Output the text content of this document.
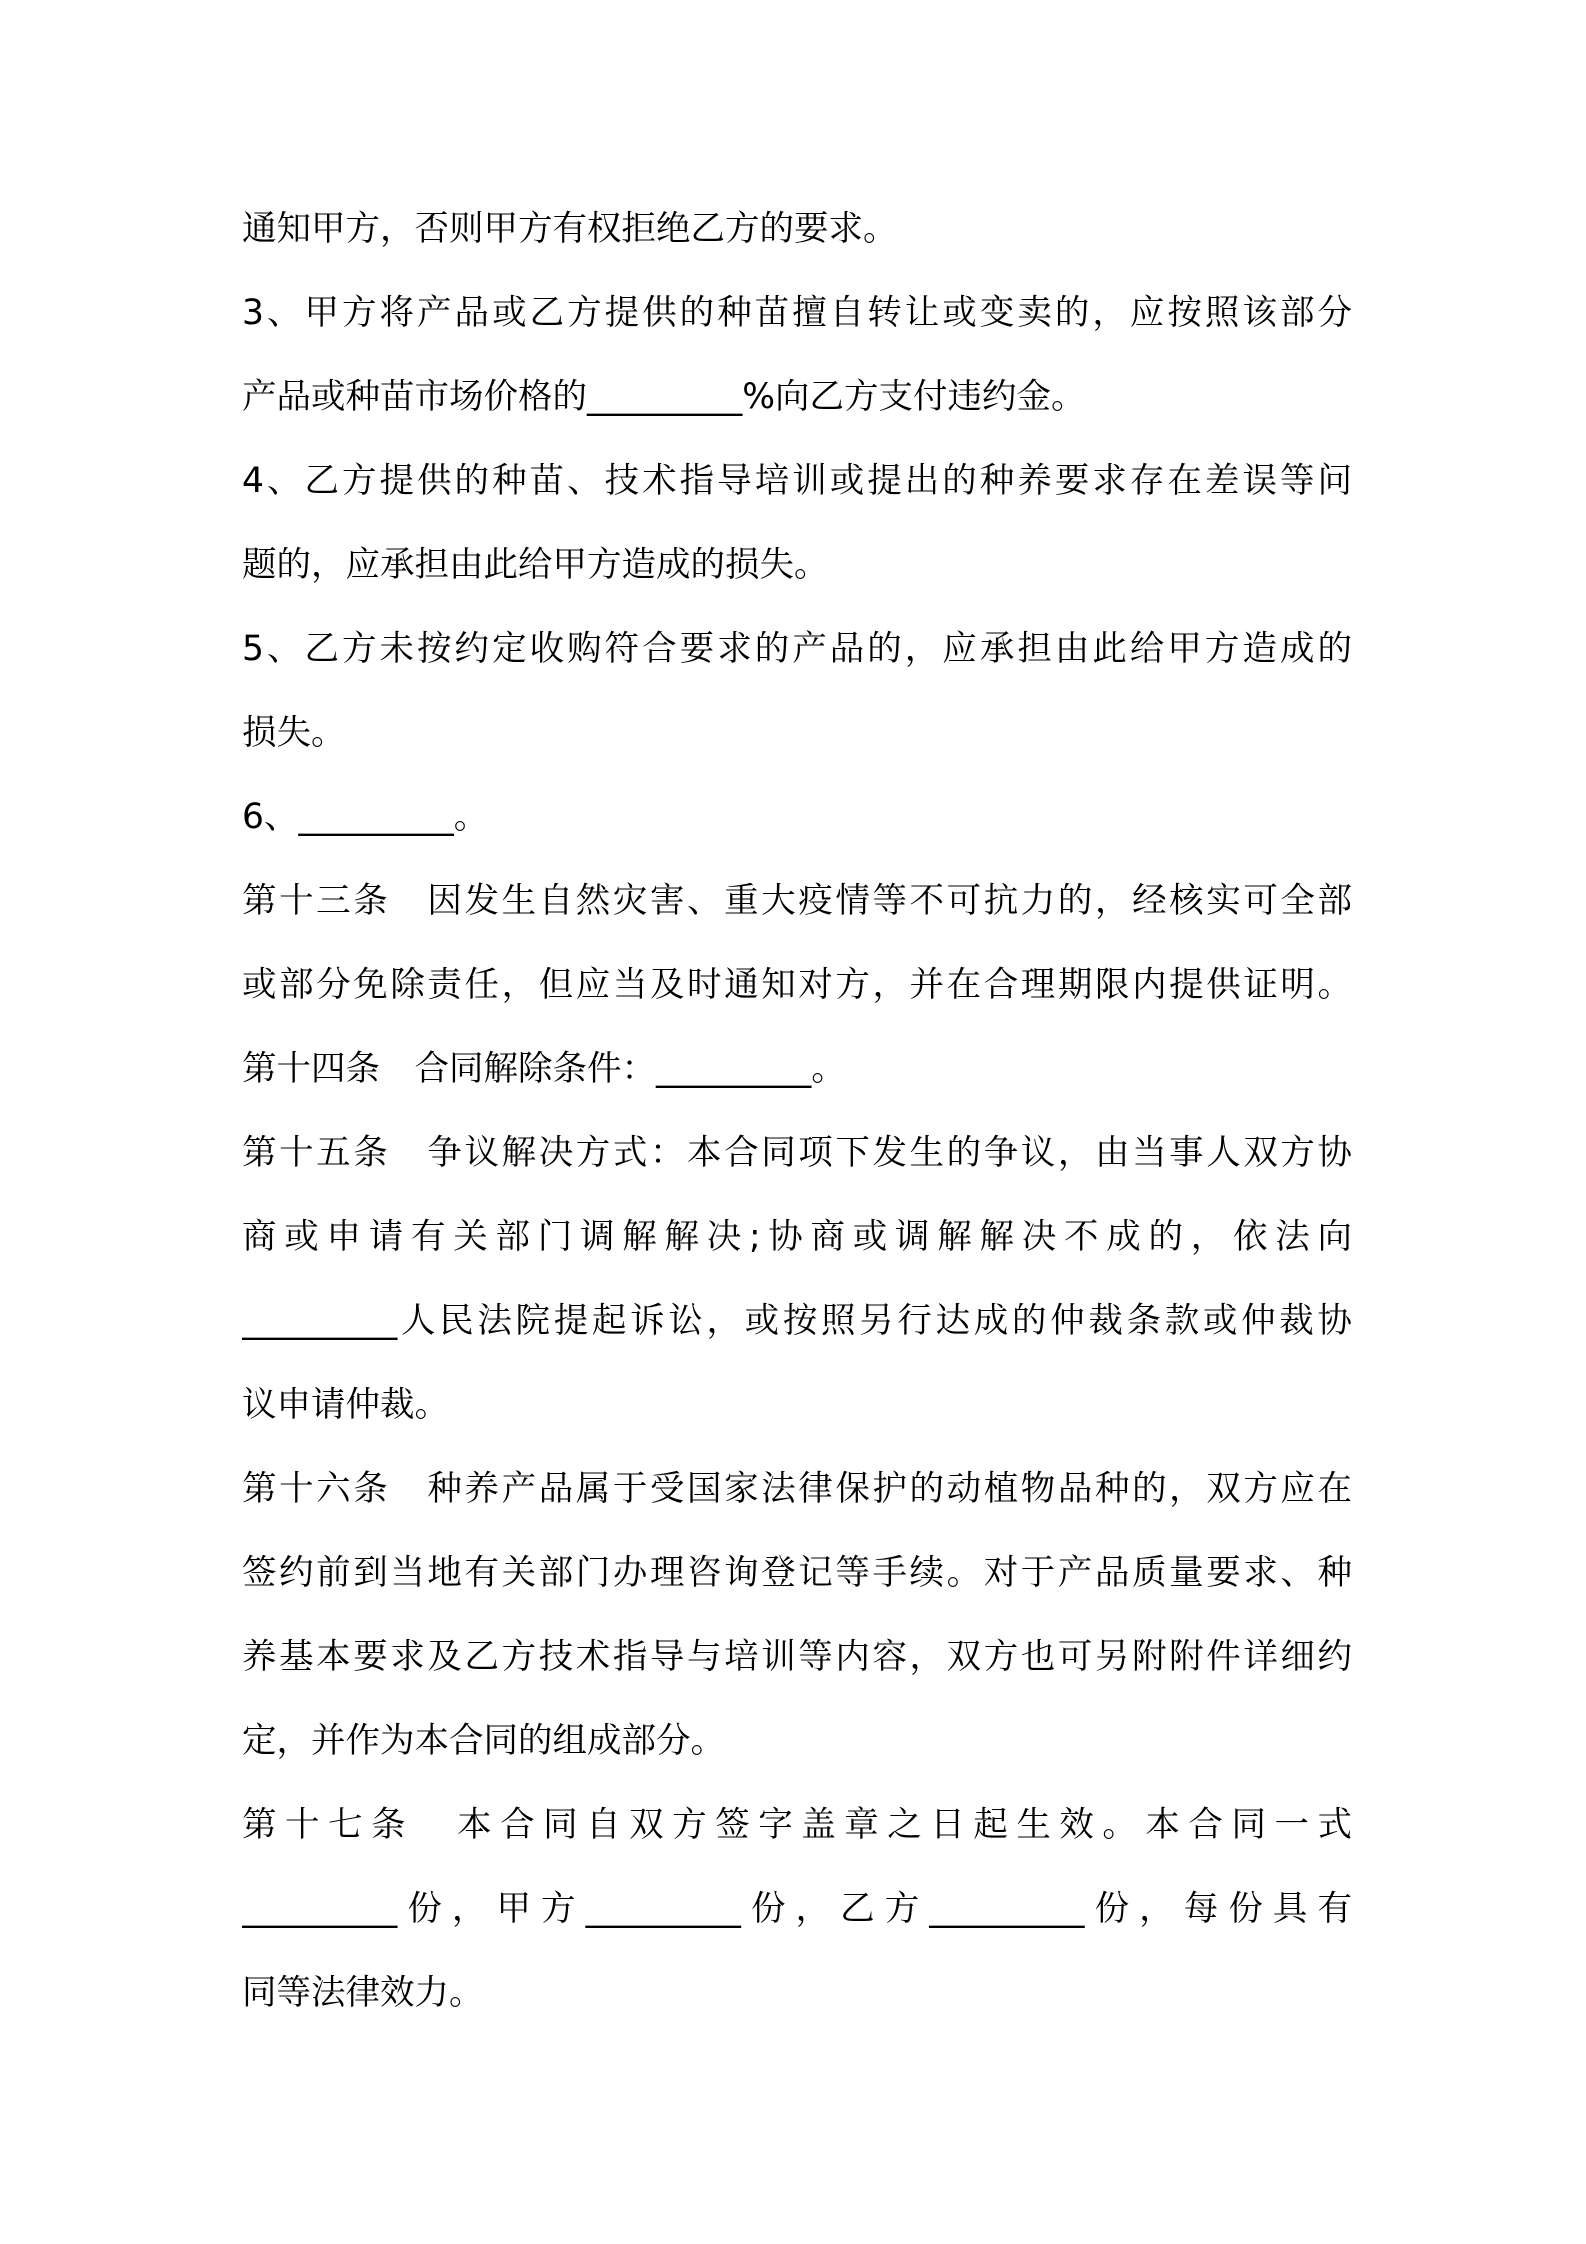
通知甲方，否则甲方有权拒绝乙方的要求。
3、甲方将产品或乙方提供的种苗擅自转让或变卖的，应按照该部分
产品或种苗市场价格的_________%向乙方支付违约金。
4、乙方提供的种苗、技术指导培训或提出的种养要求存在差误等问
题的，应承担由此给甲方造成的损失。
5、乙方未按约定收购符合要求的产品的，应承担由此给甲方造成的
损失。
6、_________。
第十三条　因发生自然灾害、重大疫情等不可抗力的，经核实可全部
或部分免除责任，但应当及时通知对方，并在合理期限内提供证明。
第十四条　合同解除条件：_________。
第十五条　争议解决方式：本合同项下发生的争议，由当事人双方协
商或申请有关部门调解解决;协商或调解解决不成的，依法向
_________人民法院提起诉讼，或按照另行达成的仲裁条款或仲裁协
议申请仲裁。
第十六条　种养产品属于受国家法律保护的动植物品种的，双方应在
签约前到当地有关部门办理咨询登记等手续。对于产品质量要求、种
养基本要求及乙方技术指导与培训等内容，双方也可另附附件详细约
定，并作为本合同的组成部分。
第十七条　本合同自双方签字盖章之日起生效。本合同一式
_________份，甲方_________份，乙方_________份，每份具有
同等法律效力。
